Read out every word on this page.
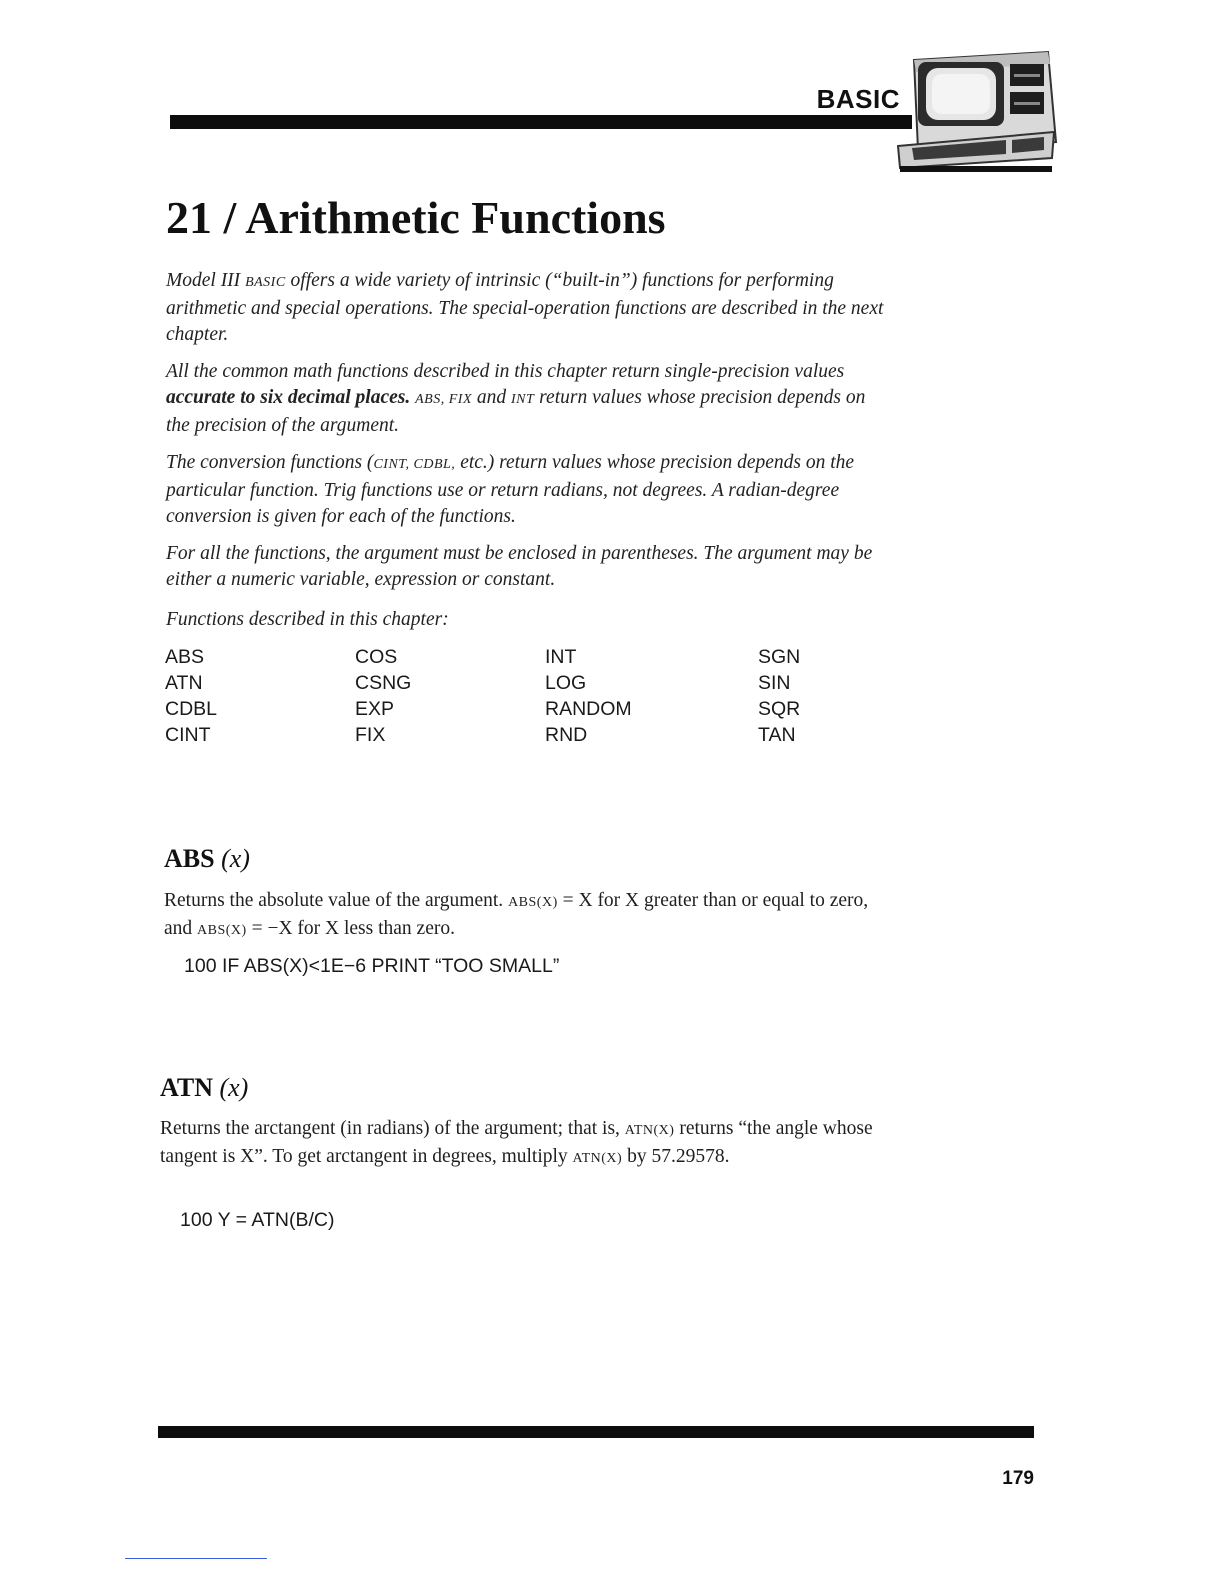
BASIC
21 / Arithmetic Functions
Model III BASIC offers a wide variety of intrinsic (“built-in”) functions for performing arithmetic and special operations. The special-operation functions are described in the next chapter.
All the common math functions described in this chapter return single-precision values accurate to six decimal places. ABS, FIX and INT return values whose precision depends on the precision of the argument.
The conversion functions (CINT, CDBL, etc.) return values whose precision depends on the particular function. Trig functions use or return radians, not degrees. A radian-degree conversion is given for each of the functions.
For all the functions, the argument must be enclosed in parentheses. The argument may be either a numeric variable, expression or constant.
Functions described in this chapter:
ABS
ATN
CDBL
CINT
COS
CSNG
EXP
FIX
INT
LOG
RANDOM
RND
SGN
SIN
SQR
TAN
ABS (x)
Returns the absolute value of the argument. ABS(X) = X for X greater than or equal to zero, and ABS(X) = −X for X less than zero.
100 IF ABS(X)<1E−6 PRINT “TOO SMALL”
ATN (x)
Returns the arctangent (in radians) of the argument; that is, ATN(X) returns “the angle whose tangent is X”. To get arctangent in degrees, multiply ATN(X) by 57.29578.
100 Y = ATN(B/C)
179
